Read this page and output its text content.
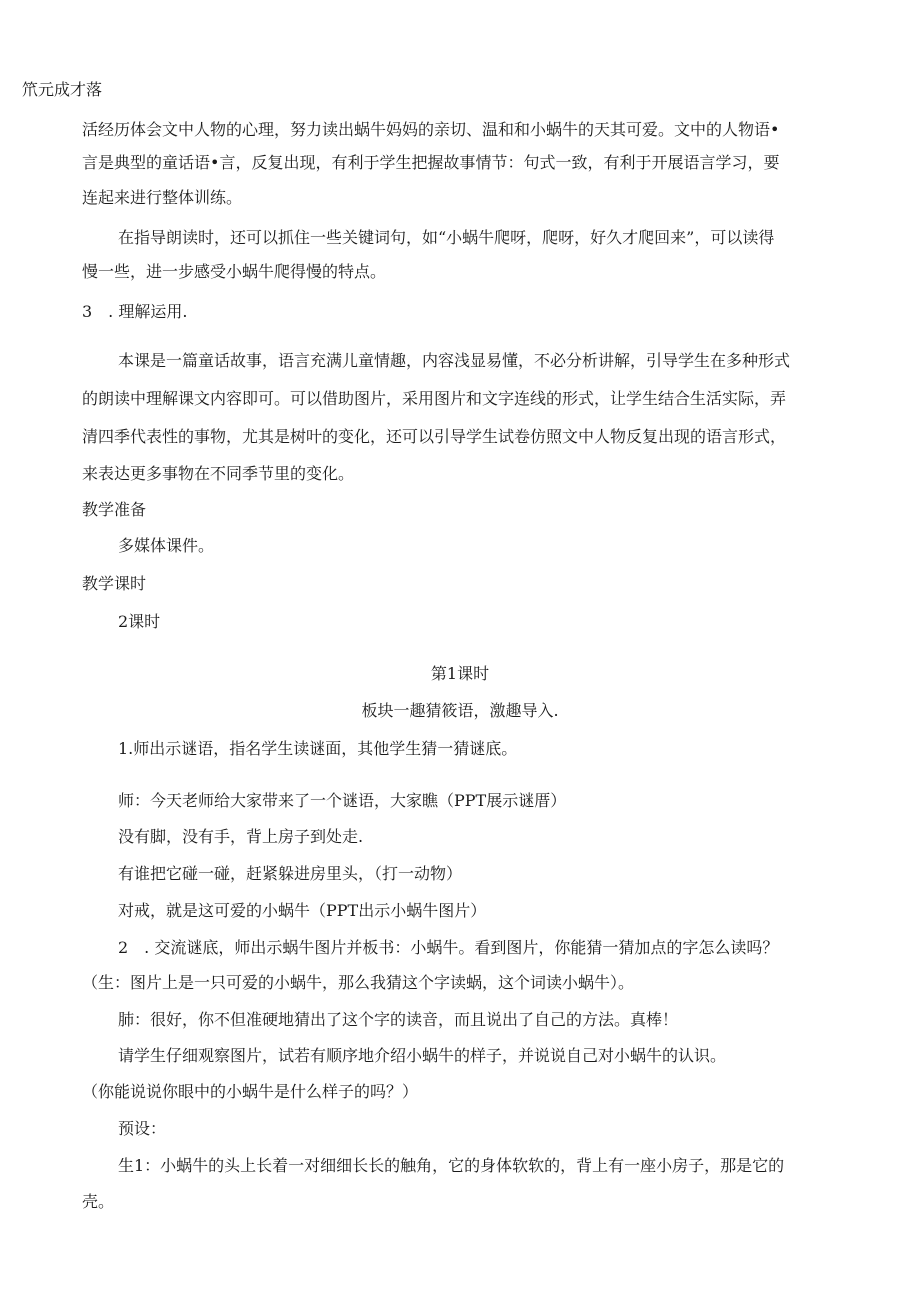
笊元成才落

活经历体会文中人物的心理，努力读出蜗牛妈妈的亲切、温和和小蜗牛的天其可爱。文中的人物语•

言是典型的童话语•言，反复出现，有利于学生把握故事情节：句式一致，有利于开展语言学习，要

连起来进行整体训练。

在指导朗读时，还可以抓住一些关键词句，如“小蜗牛爬呀，爬呀，好久才爬回来”，可以读得

慢一些，进一步感受小蜗牛爬得慢的特点。

3　. 理解运用.

本课是一篇童话故事，语言充满儿童情趣，内容浅显易懂，不必分析讲解，引导学生在多种形式

的朗读中理解课文内容即可。可以借助图片，采用图片和文字连线的形式，让学生结合生活实际，弄

清四季代表性的事物，尤其是树叶的变化，还可以引导学生试卷仿照文中人物反复出现的语言形式，

来表达更多事物在不同季节里的变化。

教学准备

多媒体课件。

教学课时

2课时

第1课时

板块一趣猜筱语，激趣导入.

1.师出示谜语，指名学生读谜面，其他学生猜一猜谜底。

师：今天老师给大家带来了一个谜语，大家瞧（PPT展示谜厝）

没有脚，没有手，背上房子到处走.

有谁把它碰一碰，赶紧躲进房里头，（打一动物）

对戒，就是这可爱的小蜗牛（PPT出示小蜗牛图片）

2　. 交流谜底，师出示蜗牛图片并板书：小蜗牛。看到图片，你能猜一猜加点的字怎么读吗？

（生：图片上是一只可爱的小蜗牛，那么我猜这个字读蜗，这个词读小蜗牛）。

肺：很好，你不但准硬地猜出了这个字的读音，而且说出了自己的方法。真棒！

请学生仔细观察图片，试若有顺序地介绍小蜗牛的样子，并说说自己对小蜗牛的认识。

（你能说说你眼中的小蜗牛是什么样子的吗？）

预设：

生1：小蜗牛的头上长着一对细细长长的触角，它的身体软软的，背上有一座小房子，那是它的

壳。
